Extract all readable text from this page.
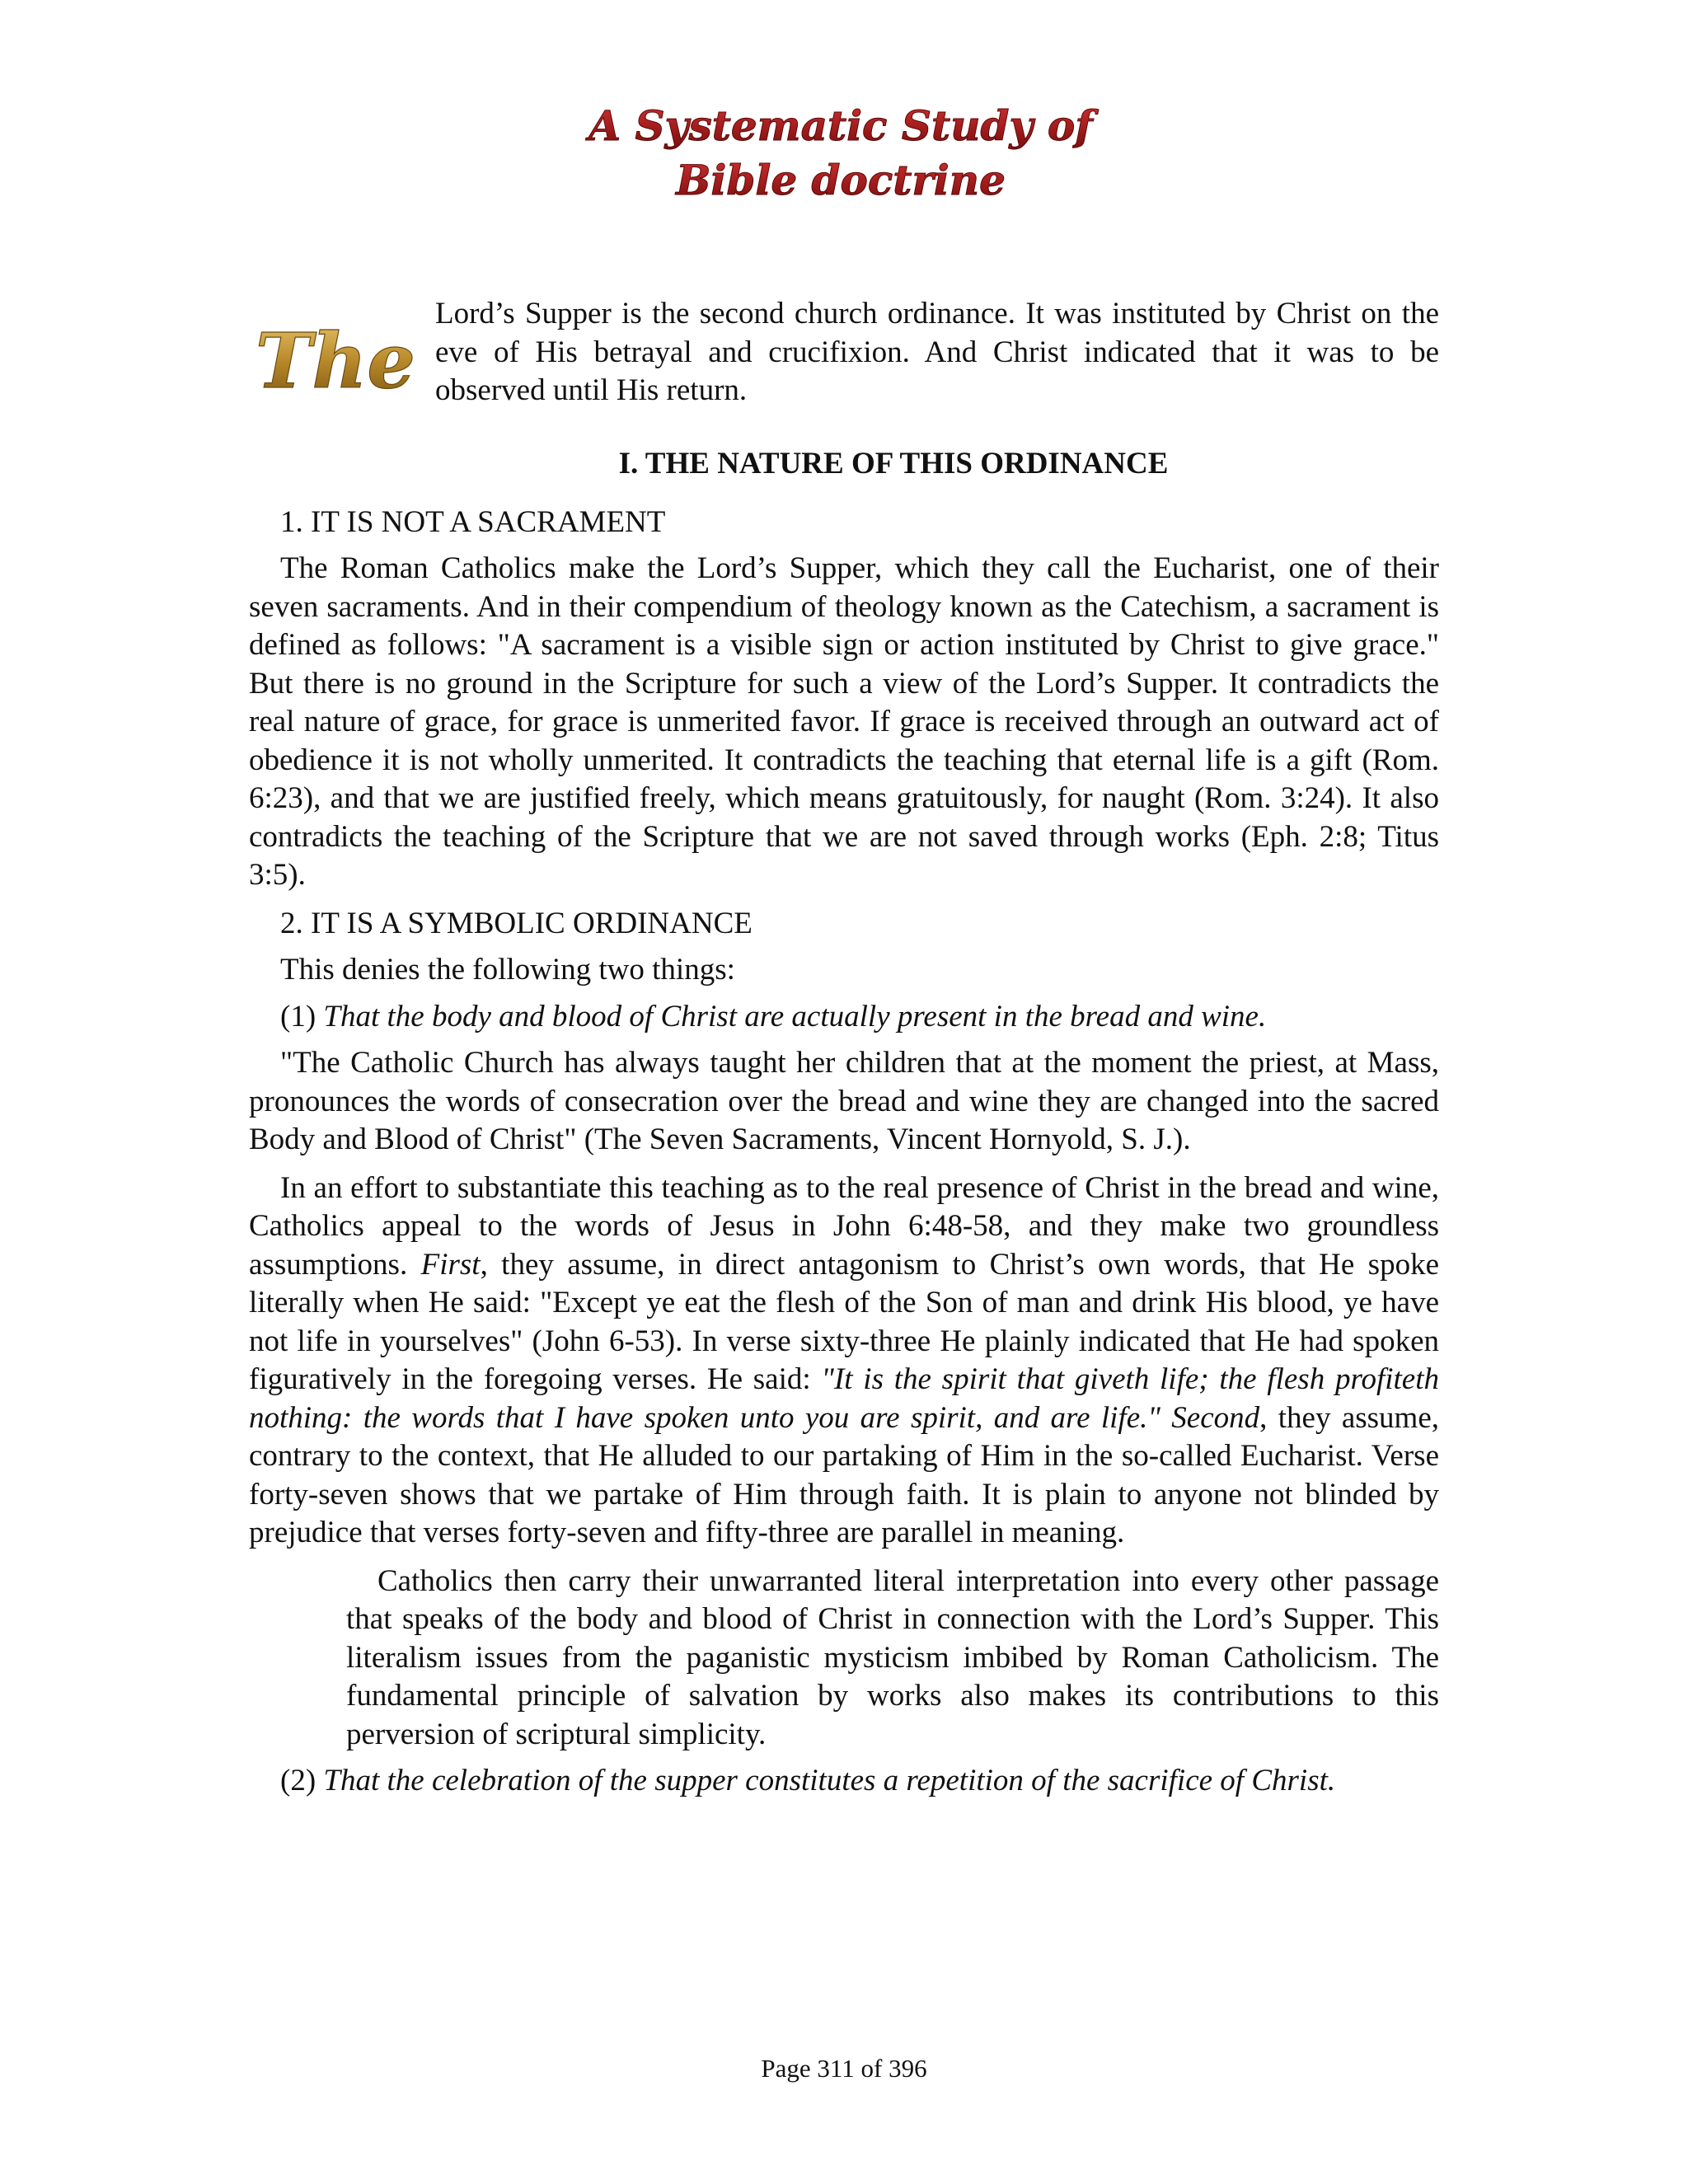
A Systematic Study of
Bible doctrine
The
Lord’s Supper is the second church ordinance. It was instituted by Christ on the eve of His betrayal and crucifixion. And Christ indicated that it was to be observed until His return.

I. THE NATURE OF THIS ORDINANCE

1. IT IS NOT A SACRAMENT

The Roman Catholics make the Lord’s Supper, which they call the Eucharist, one of their seven sacraments. And in their compendium of theology known as the Catechism, a sacrament is defined as follows: "A sacrament is a visible sign or action instituted by Christ to give grace." But there is no ground in the Scripture for such a view of the Lord’s Supper. It contradicts the real nature of grace, for grace is unmerited favor. If grace is received through an outward act of obedience it is not wholly unmerited. It contradicts the teaching that eternal life is a gift (Rom. 6:23), and that we are justified freely, which means gratuitously, for naught (Rom. 3:24). It also contradicts the teaching of the Scripture that we are not saved through works (Eph. 2:8; Titus 3:5).

2. IT IS A SYMBOLIC ORDINANCE

This denies the following two things:

(1) That the body and blood of Christ are actually present in the bread and wine.

"The Catholic Church has always taught her children that at the moment the priest, at Mass, pronounces the words of consecration over the bread and wine they are changed into the sacred Body and Blood of Christ" (The Seven Sacraments, Vincent Hornyold, S. J.).

In an effort to substantiate this teaching as to the real presence of Christ in the bread and wine, Catholics appeal to the words of Jesus in John 6:48-58, and they make two groundless assumptions. First, they assume, in direct antagonism to Christ’s own words, that He spoke literally when He said: "Except ye eat the flesh of the Son of man and drink His blood, ye have not life in yourselves" (John 6-53). In verse sixty-three He plainly indicated that He had spoken figuratively in the foregoing verses. He said: "It is the spirit that giveth life; the flesh profiteth nothing: the words that I have spoken unto you are spirit, and are life." Second, they assume, contrary to the context, that He alluded to our partaking of Him in the so-called Eucharist. Verse forty-seven shows that we partake of Him through faith. It is plain to anyone not blinded by prejudice that verses forty-seven and fifty-three are parallel in meaning.

Catholics then carry their unwarranted literal interpretation into every other passage that speaks of the body and blood of Christ in connection with the Lord’s Supper. This literalism issues from the paganistic mysticism imbibed by Roman Catholicism. The fundamental principle of salvation by works also makes its contributions to this perversion of scriptural simplicity.

(2) That the celebration of the supper constitutes a repetition of the sacrifice of Christ.

Page 311 of 396
